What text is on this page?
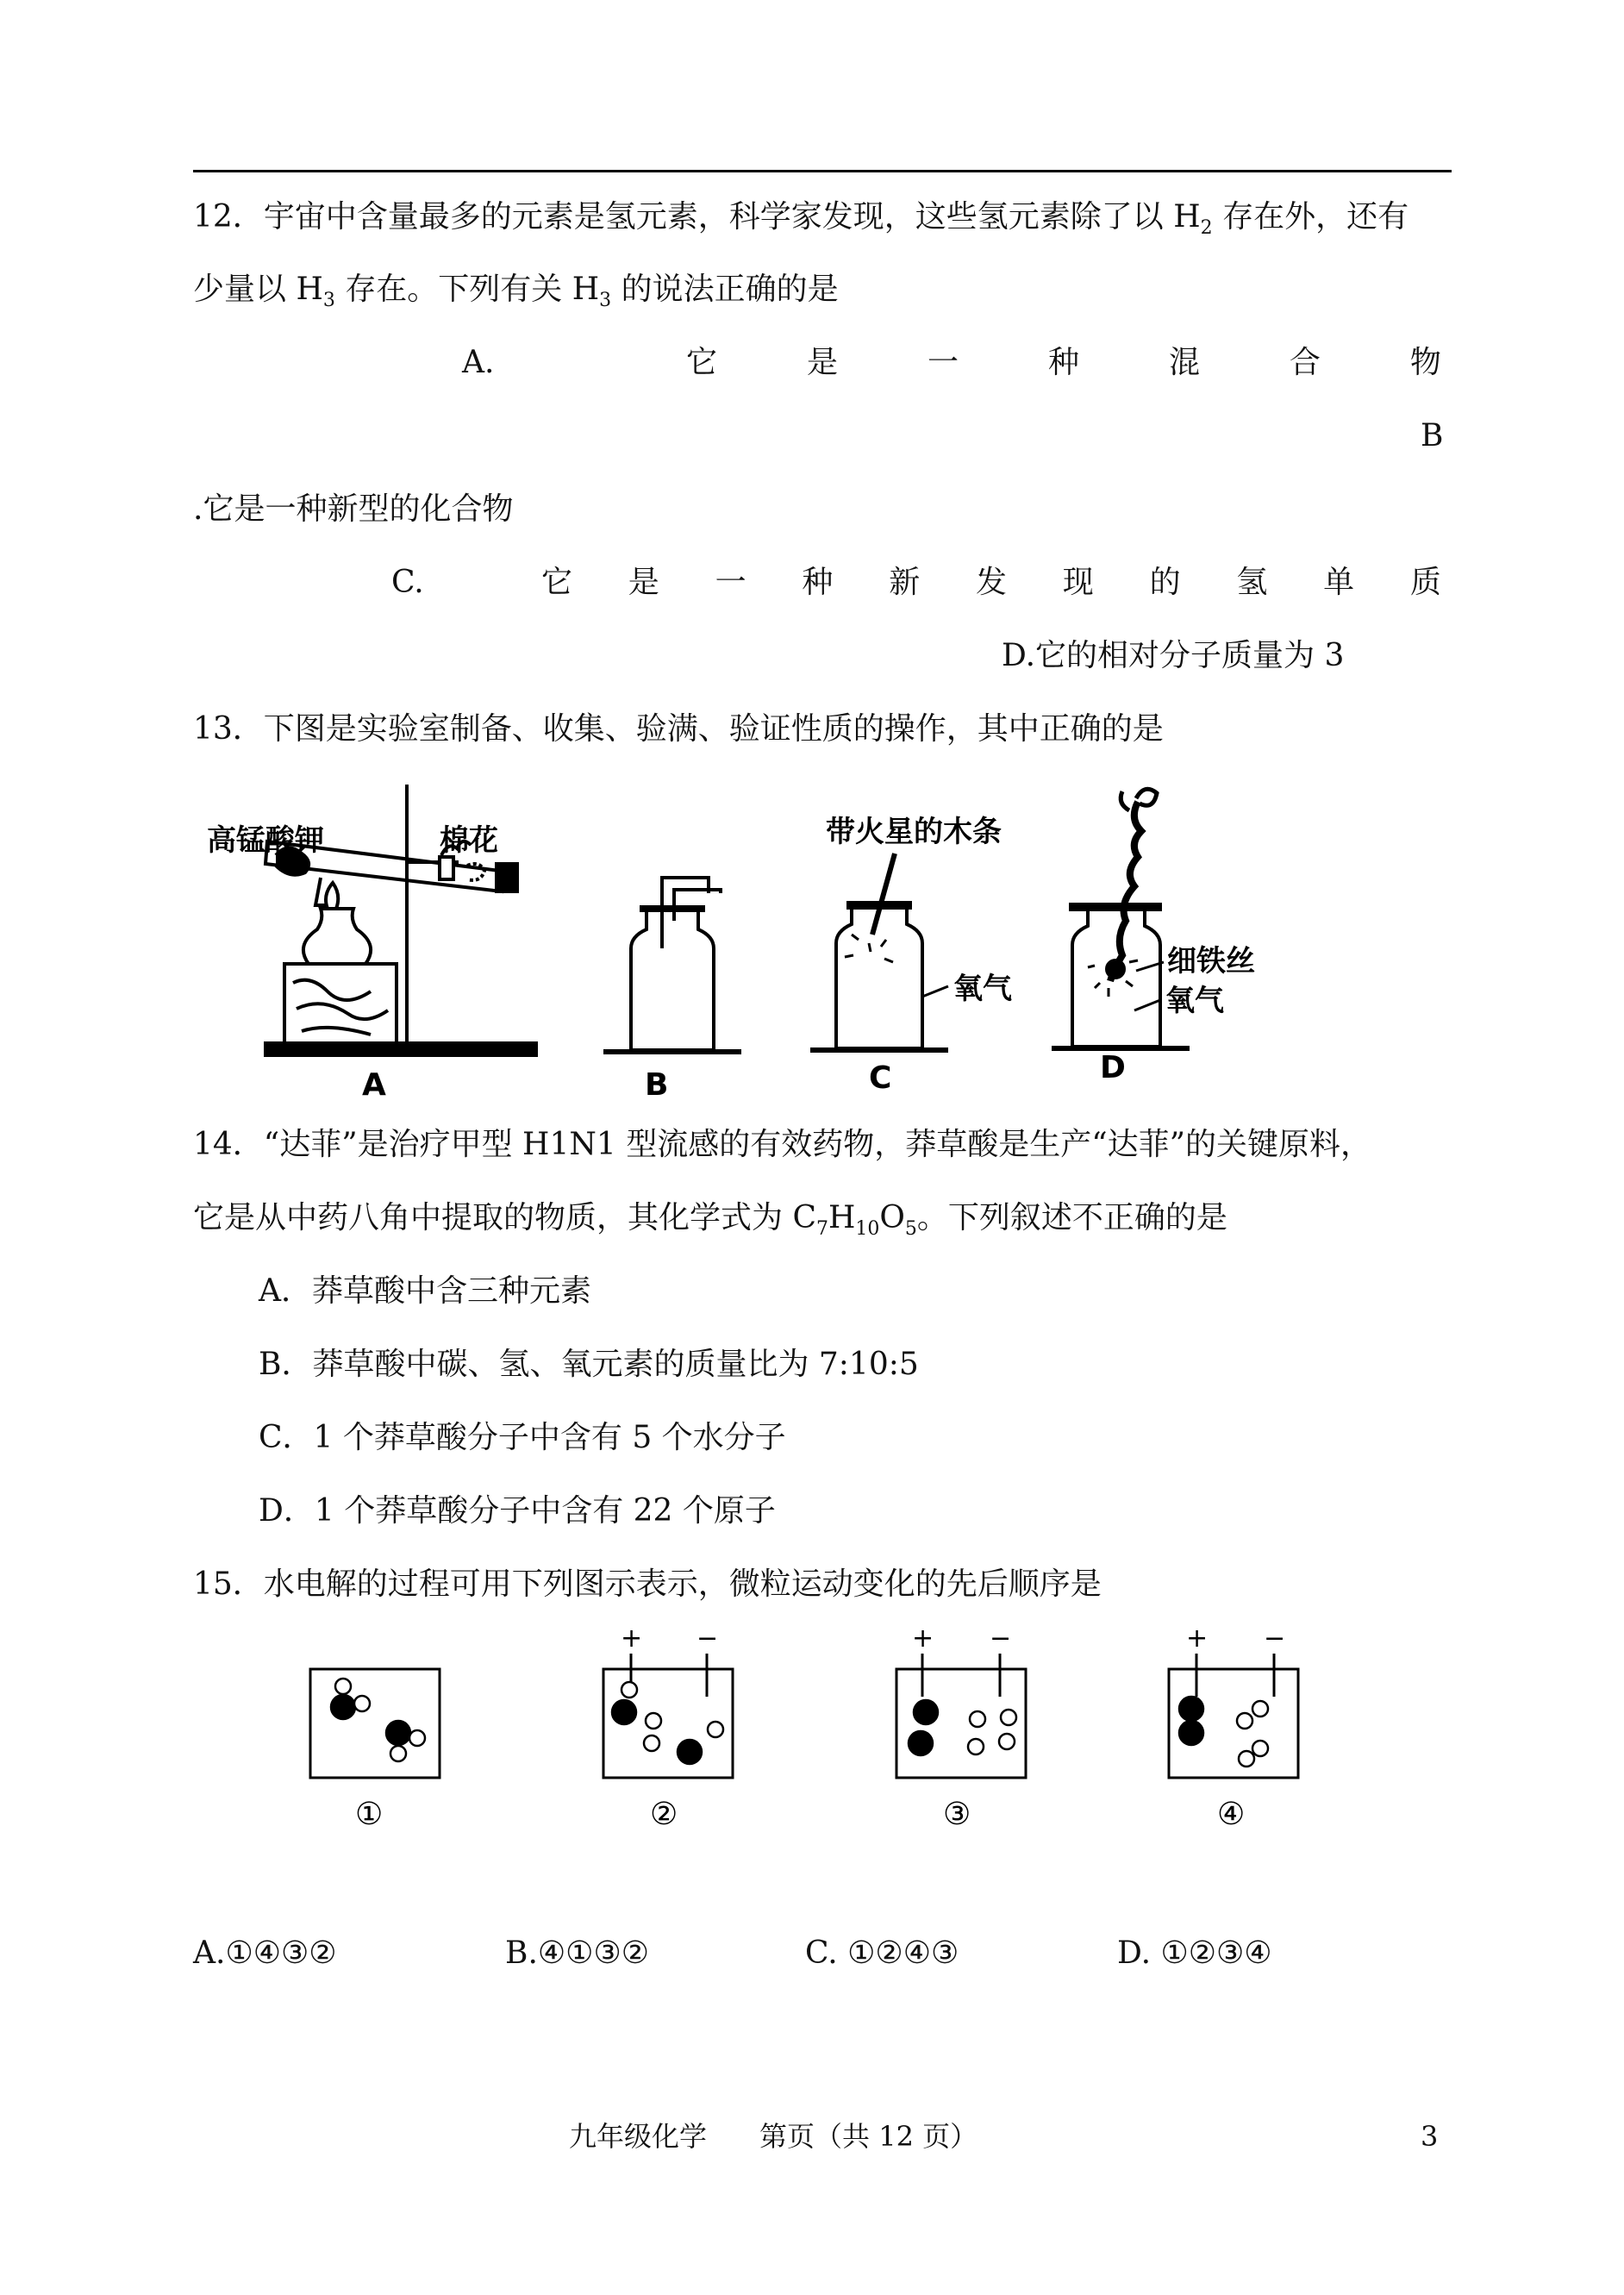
12．宇宙中含量最多的元素是氢元素，科学家发现，这些氢元素除了以 $H_2$ 存在外，还有
少量以 $H_3$ 存在。下列有关 $H_3$ 的说法正确的是
A.	它	是	一	种	混	合	物
B
.它是一种新型的化合物
C.	它 是 一 种 新 发 现 的 氢 单 质
D.它的相对分子质量为 3
13．下图是实验室制备、收集、验满、验证性质的操作，其中正确的是
高锰酸钾	棉花
A	B
带火星的木条
氧气
C
细铁丝
氧气
D
14．“达菲”是治疗甲型 H1N1 型流感的有效药物，莽草酸是生产“达菲”的关键原料，
它是从中药八角中提取的物质，其化学式为 $C_7H_{10}O_5$。下列叙述不正确的是
A．莽草酸中含三种元素
B．莽草酸中碳、氢、氧元素的质量比为 7:10:5
C．1 个莽草酸分子中含有 5 个水分子
D．1 个莽草酸分子中含有 22 个原子
15．水电解的过程可用下列图示表示，微粒运动变化的先后顺序是
+ −	+ −	+ −
①	②	③	④
A.①④③②	B.④①③②	C. ①②④③	D. ①②③④
九年级化学      第页（共 12 页）	3
